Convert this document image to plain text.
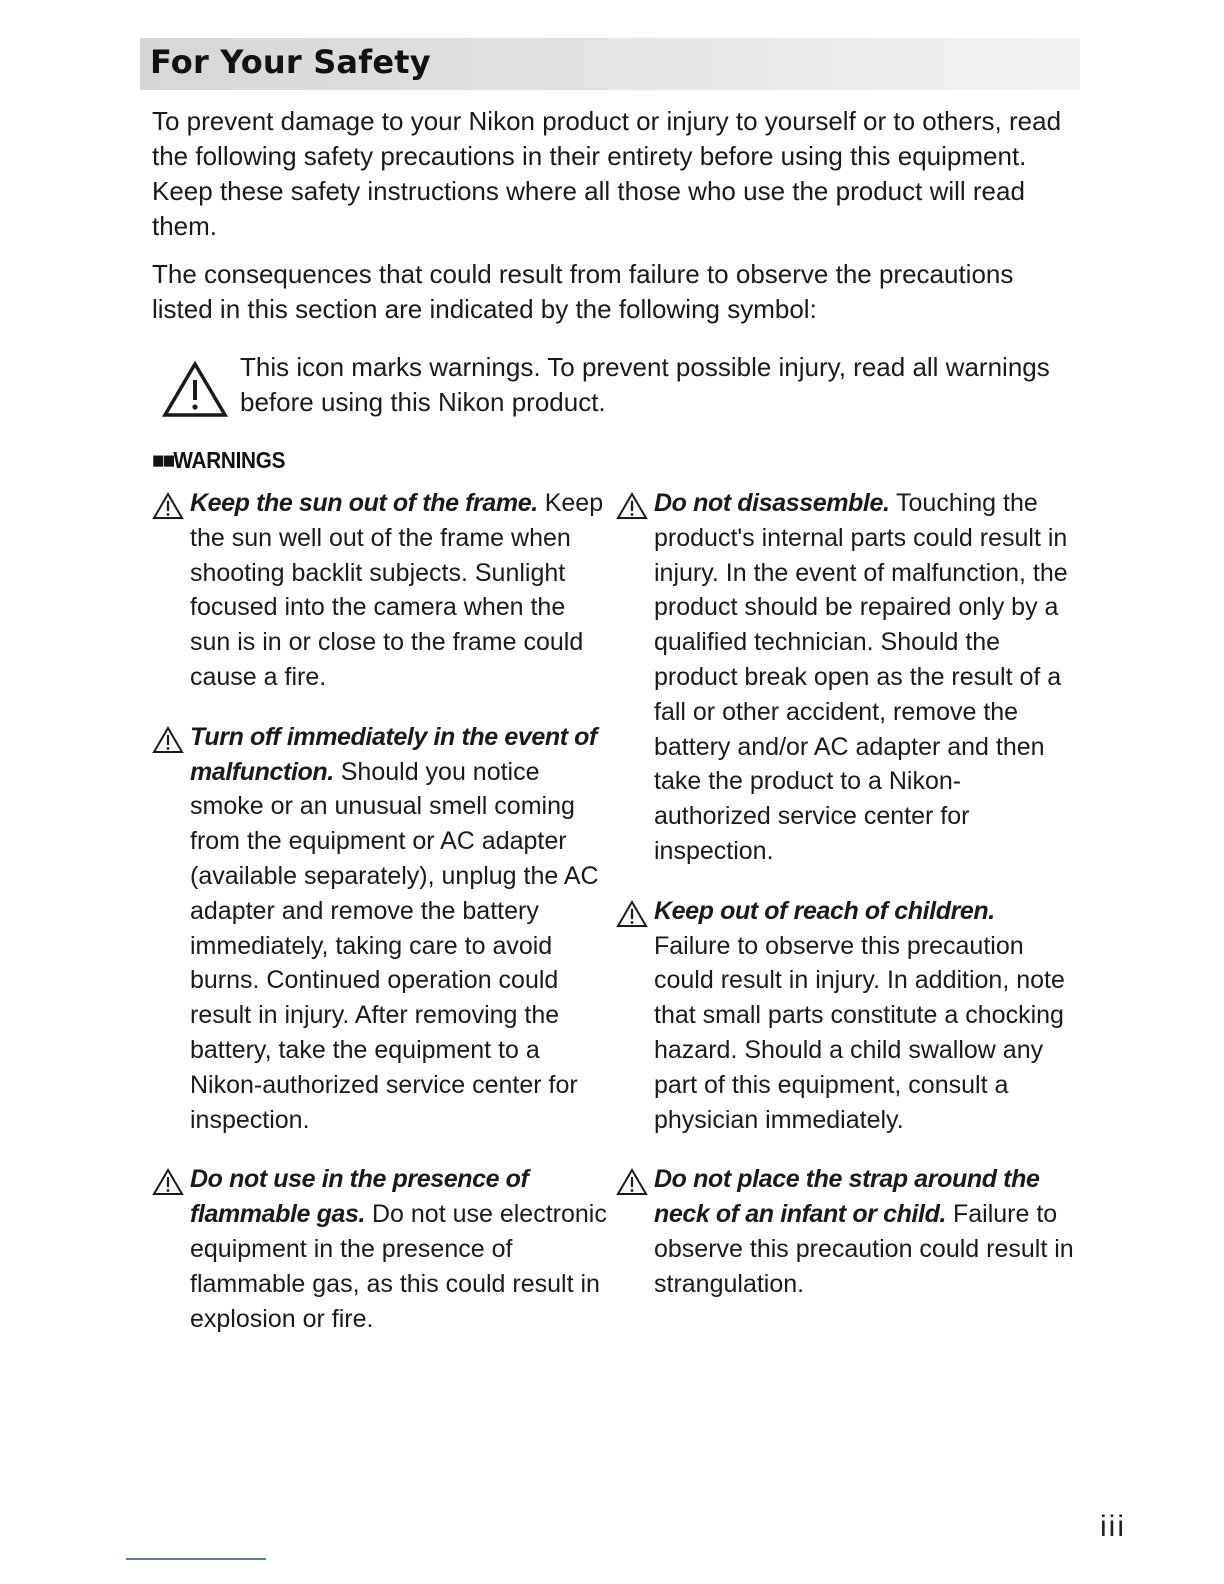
For Your Safety

To prevent damage to your Nikon product or injury to yourself or to others, read the following safety precautions in their entirety before using this equipment. Keep these safety instructions where all those who use the product will read them.

The consequences that could result from failure to observe the precautions listed in this section are indicated by the following symbol:

This icon marks warnings. To prevent possible injury, read all warnings before using this Nikon product.

■■WARNINGS

Keep the sun out of the frame. Keep the sun well out of the frame when shooting backlit subjects. Sunlight focused into the camera when the sun is in or close to the frame could cause a fire.

Turn off immediately in the event of malfunction. Should you notice smoke or an unusual smell coming from the equipment or AC adapter (available separately), unplug the AC adapter and remove the battery immediately, taking care to avoid burns. Continued operation could result in injury. After removing the battery, take the equipment to a Nikon-authorized service center for inspection.

Do not use in the presence of flammable gas. Do not use electronic equipment in the presence of flammable gas, as this could result in explosion or fire.

Do not disassemble. Touching the product's internal parts could result in injury. In the event of malfunction, the product should be repaired only by a qualified technician. Should the product break open as the result of a fall or other accident, remove the battery and/or AC adapter and then take the product to a Nikon-authorized service center for inspection.

Keep out of reach of children. Failure to observe this precaution could result in injury. In addition, note that small parts constitute a chocking hazard. Should a child swallow any part of this equipment, consult a physician immediately.

Do not place the strap around the neck of an infant or child. Failure to observe this precaution could result in strangulation.

iii
